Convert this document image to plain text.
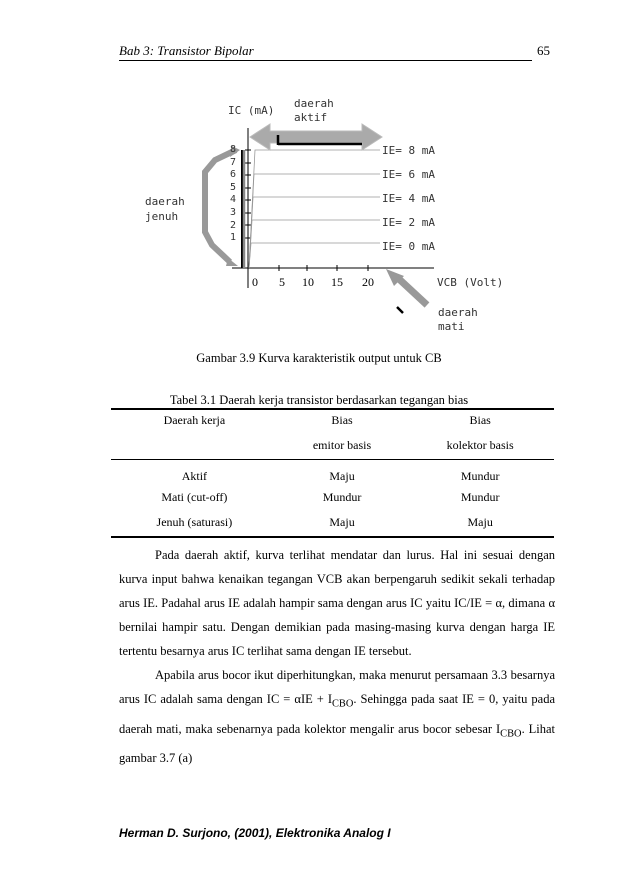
Bab 3: Transistor Bipolar	65
IC (mA)
daerah
aktif
daerah
jenuh
daerah
mati
8
7
6
5
4
3
2
1
0 5 10 15 20	VCB (Volt)
IE= 8 mA
IE= 6 mA
IE= 4 mA
IE= 2 mA
IE= 0 mA
Gambar 3.9 Kurva karakteristik output untuk CB
Tabel 3.1 Daerah kerja transistor berdasarkan tegangan bias
Daerah kerja	Bias	Bias
	emitor basis	kolektor basis
Aktif	Maju	Mundur
Mati (cut-off)	Mundur	Mundur
Jenuh (saturasi)	Maju	Maju
Pada daerah aktif, kurva terlihat mendatar dan lurus. Hal ini sesuai dengan kurva input bahwa kenaikan tegangan VCB akan berpengaruh sedikit sekali terhadap arus IE. Padahal arus IE adalah hampir sama dengan arus IC yaitu IC/IE = α, dimana α bernilai hampir satu. Dengan demikian pada masing-masing kurva dengan harga IE tertentu besarnya arus IC terlihat sama dengan IE tersebut.
Apabila arus bocor ikut diperhitungkan, maka menurut persamaan 3.3 besarnya arus IC adalah sama dengan IC = $\alpha IE + I_{CBO}$. Sehingga pada saat IE = 0, yaitu pada daerah mati, maka sebenarnya pada kolektor mengalir arus bocor sebesar $I_{CBO}$. Lihat gambar 3.7 (a)
Herman D. Surjono, (2001), Elektronika Analog I
